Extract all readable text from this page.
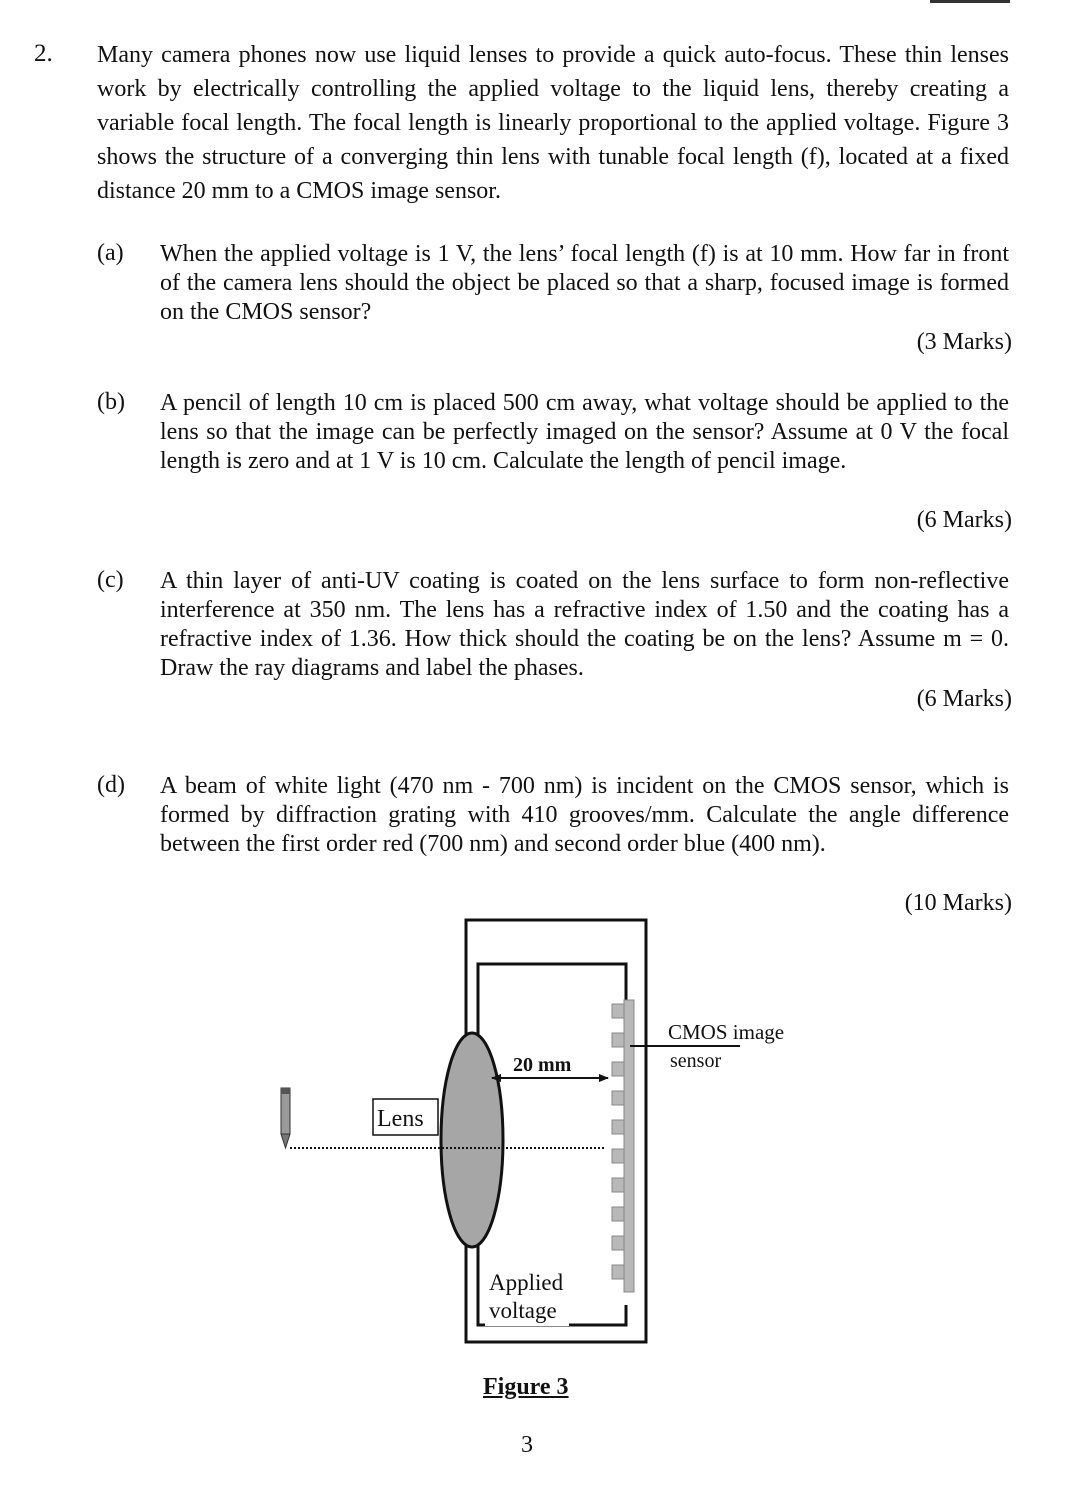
2. Many camera phones now use liquid lenses to provide a quick auto-focus. These thin lenses work by electrically controlling the applied voltage to the liquid lens, thereby creating a variable focal length. The focal length is linearly proportional to the applied voltage. Figure 3 shows the structure of a converging thin lens with tunable focal length (f), located at a fixed distance 20 mm to a CMOS image sensor.

(a) When the applied voltage is 1 V, the lens’ focal length (f) is at 10 mm. How far in front of the camera lens should the object be placed so that a sharp, focused image is formed on the CMOS sensor?

(3 Marks)
(b) A pencil of length 10 cm is placed 500 cm away, what voltage should be applied to the lens so that the image can be perfectly imaged on the sensor? Assume at 0 V the focal length is zero and at 1 V is 10 cm. Calculate the length of pencil image.

(6 Marks)
(c) A thin layer of anti-UV coating is coated on the lens surface to form non-reflective interference at 350 nm. The lens has a refractive index of 1.50 and the coating has a refractive index of 1.36. How thick should the coating be on the lens? Assume m = 0. Draw the ray diagrams and label the phases.

(6 Marks)
(d) A beam of white light (470 nm - 700 nm) is incident on the CMOS sensor, which is formed by diffraction grating with 410 grooves/mm. Calculate the angle difference between the first order red (700 nm) and second order blue (400 nm).

(10 Marks)
CMOS image
sensor
Lens
20 mm
Applied
voltage
Figure 3
3
